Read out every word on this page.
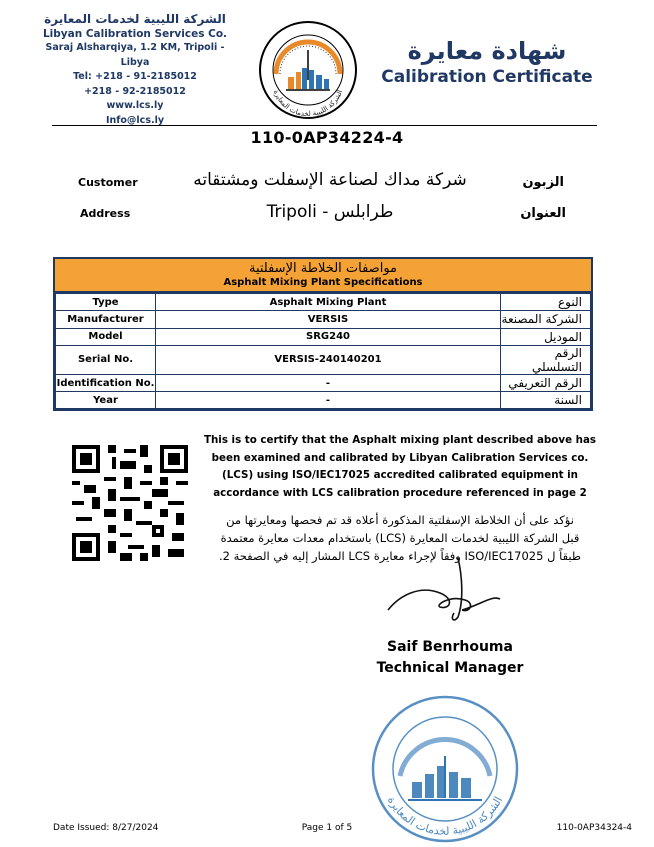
الشركة الليبية لخدمات المعايرة
Libyan Calibration Services Co.
Saraj Alsharqiya, 1.2 KM, Tripoli -Libya
Tel: +218 - 91-2185012
+218 - 92-2185012
www.lcs.ly
Info@lcs.ly
الشركة الليبية لخدمات المعايرة
شهادة معايرة
Calibration Certificate
110-0AP34224-4
Customer	شركة مداك لصناعة الإسفلت ومشتقاته	الزبون
Address	Tripoli - طرابلس	العنوان
مواصفات الخلاطة الإسفلتية
Asphalt Mixing Plant Specifications
Type	Asphalt Mixing Plant	النوع
Manufacturer	VERSIS	الشركة المصنعة
Model	SRG240	الموديل
Serial No.	VERSIS-240140201	الرقم التسلسلي
Identification No.	-	الرقم التعريفي
Year	-	السنة
This is to certify that the Asphalt mixing plant described above has been examined and calibrated by Libyan Calibration Services co. (LCS) using ISO/IEC17025 accredited calibrated equipment in accordance with LCS calibration procedure referenced in page 2
نؤكد على أن الخلاطة الإسفلتية المذكورة أعلاه قد تم فحصها ومعايرتها من
قبل الشركة الليبية لخدمات المعايرة (LCS) باستخدام معدات معايرة معتمدة
طبقاً ل ISO/IEC17025 وفقاً لإجراء معايرة LCS المشار إليه في الصفحة 2.
Saif Benrhouma
Technical Manager
الشركة الليبية لخدمات المعايرة
Date Issued: 8/27/2024	Page 1 of 5	110-0AP34324-4
